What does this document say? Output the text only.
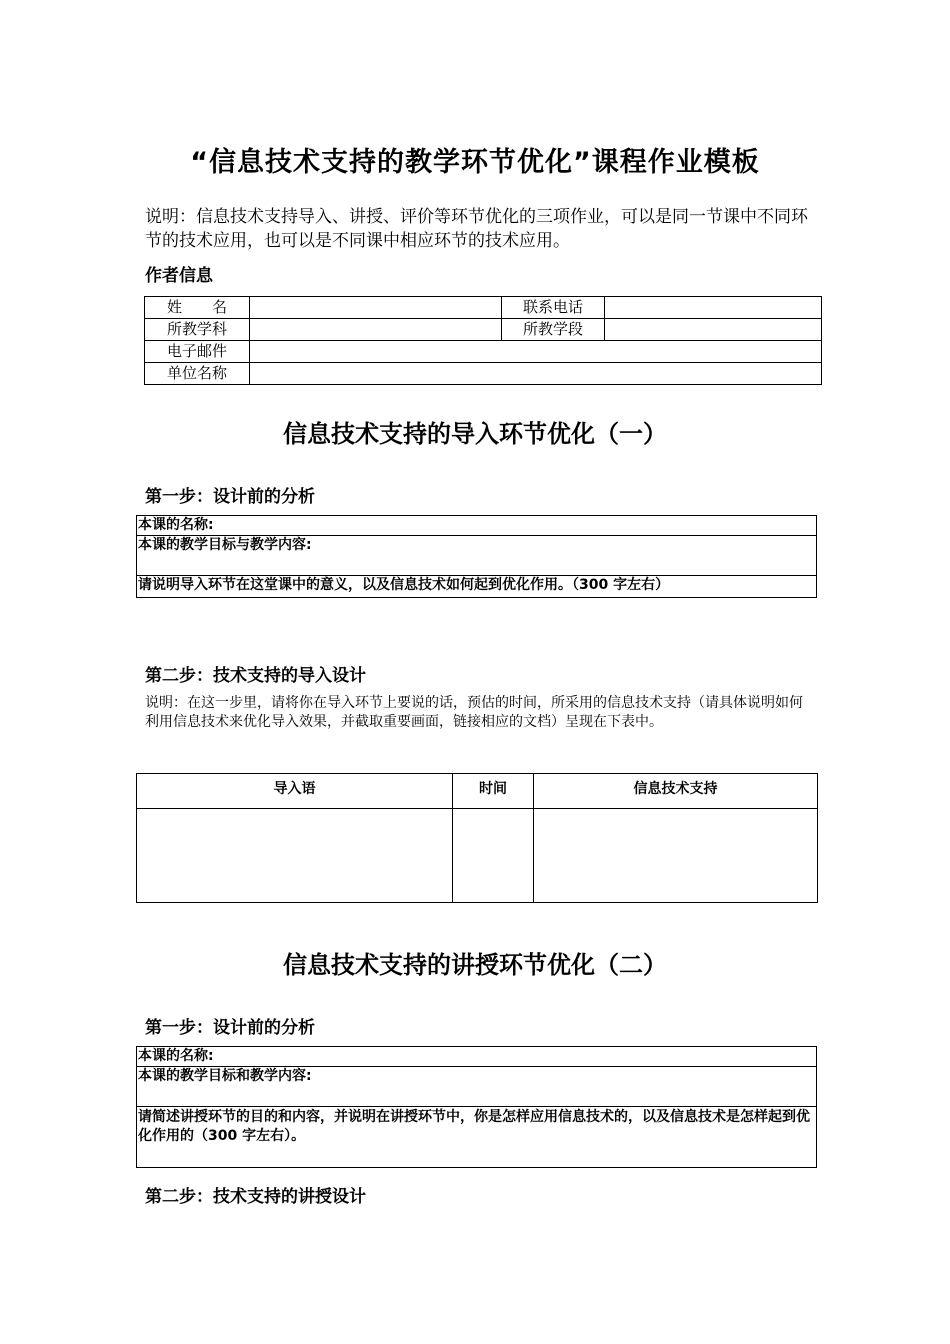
“信息技术支持的教学环节优化”课程作业模板
说明：信息技术支持导入、讲授、评价等环节优化的三项作业，可以是同一节课中不同环节的技术应用，也可以是不同课中相应环节的技术应用。
作者信息
姓　　名		联系电话	
所教学科		所教学段	
电子邮件			
单位名称			
信息技术支持的导入环节优化（一）
第一步：设计前的分析
本课的名称:
本课的教学目标与教学内容:
请说明导入环节在这堂课中的意义，以及信息技术如何起到优化作用。（300 字左右）
第二步：技术支持的导入设计
说明：在这一步里，请将你在导入环节上要说的话，预估的时间，所采用的信息技术支持（请具体说明如何利用信息技术来优化导入效果，并截取重要画面，链接相应的文档）呈现在下表中。
导入语	时间	信息技术支持

信息技术支持的讲授环节优化（二）
第一步：设计前的分析
本课的名称:
本课的教学目标和教学内容:
请简述讲授环节的目的和内容，并说明在讲授环节中，你是怎样应用信息技术的，以及信息技术是怎样起到优化作用的（300 字左右）。
第二步：技术支持的讲授设计
